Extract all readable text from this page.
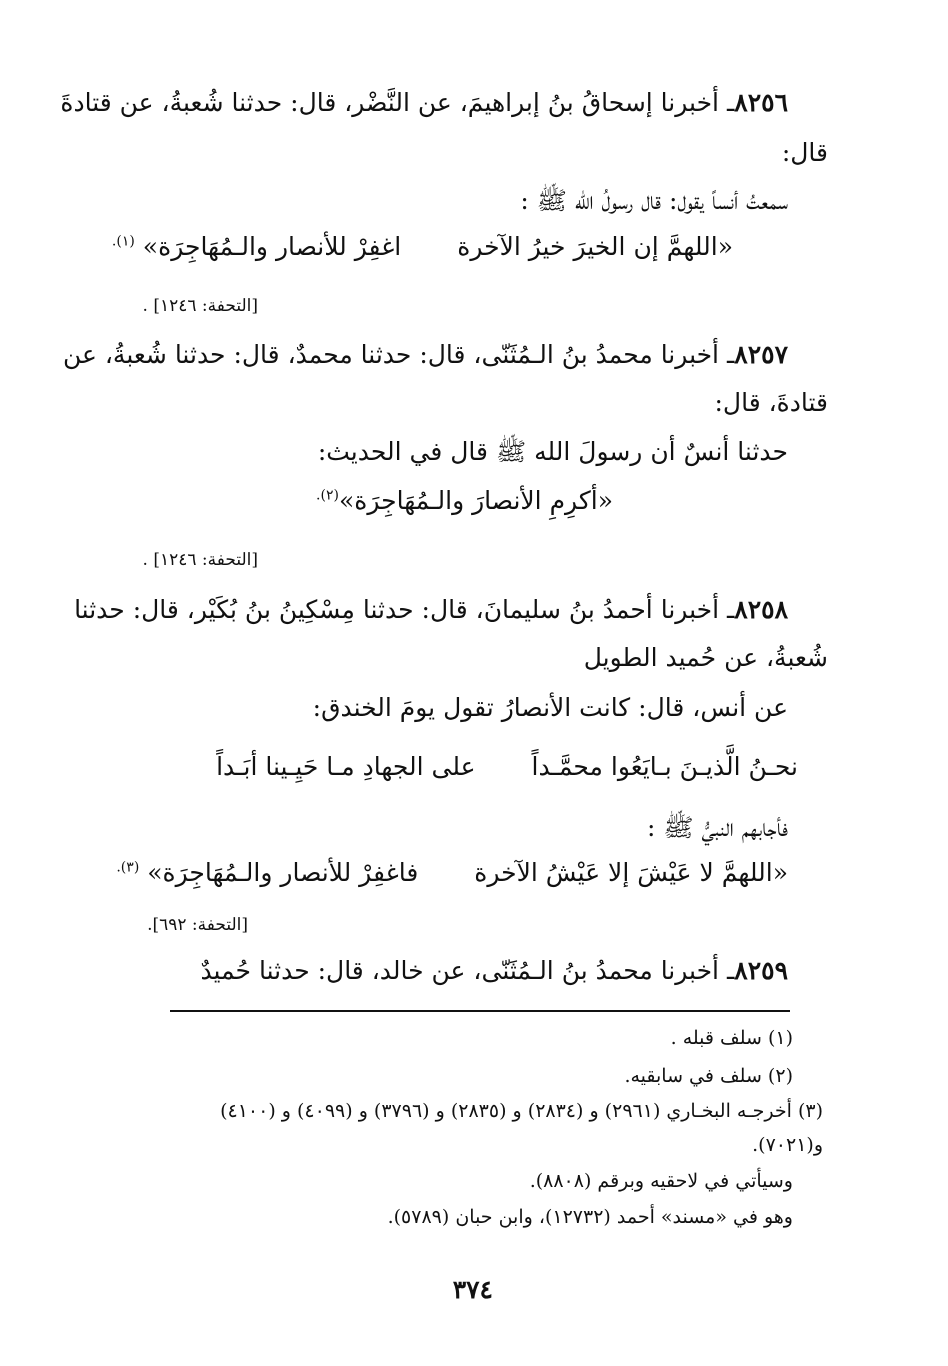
٨٢٥٦ـ أخبرنا إسحاقُ بنُ إبراهيمَ، عن النَّضْر، قال: حدثنا شُعبةُ، عن قتادةَ
قال:
سمعتُ أنساً يقول: قال رسولُ الله ﷺ :
«اللهمَّ إن الخيرَ خيرُ الآخرة
اغفِرْ للأنصار والـمُهَاجِرَة» $^{(١).}$
[التحفة: ١٢٤٦] .
٨٢٥٧ـ أخبرنا محمدُ بنُ الـمُثَنّى، قال: حدثنا محمدٌ، قال: حدثنا شُعبةُ، عن
قتادةَ، قال:
حدثنا أنسٌ أن رسولَ الله ﷺ قال في الحديث:
«أكرِمِ الأنصارَ والـمُهَاجِرَة»$^{(٢).}$
[التحفة: ١٢٤٦] .
٨٢٥٨ـ أخبرنا أحمدُ بنُ سليمانَ، قال: حدثنا مِسْكِينُ بنُ بُكَيْر، قال: حدثنا
شُعبةُ، عن حُميد الطويل
عن أنس، قال: كانت الأنصارُ تقول يومَ الخندق:
نحـنُ الَّذيـنَ بـايَعُوا محمَّـداً
على الجهادِ مـا حَيِـينا أبَـداً
فأجابهم النبيُّ ﷺ :
«اللهمَّ لا عَيْشَ إلا عَيْشُ الآخرة
فاغفِرْ للأنصار والـمُهَاجِرَة» $^{(٣).}$
[التحفة: ٦٩٢].
٨٢٥٩ـ أخبرنا محمدُ بنُ الـمُثَنّى، عن خالد، قال: حدثنا حُميدٌ
(١) سلف قبله .
(٢) سلف في سابقيه.
(٣) أخرجـه البخـاري (٢٩٦١) و (٢٨٣٤) و (٢٨٣٥) و (٣٧٩٦) و (٤٠٩٩) و (٤١٠٠)
و(٧٠٢١).
وسيأتي في لاحقيه وبرقم (٨٨٠٨).
وهو في «مسند» أحمد (١٢٧٣٢)، وابن حبان (٥٧٨٩).
٣٧٤
